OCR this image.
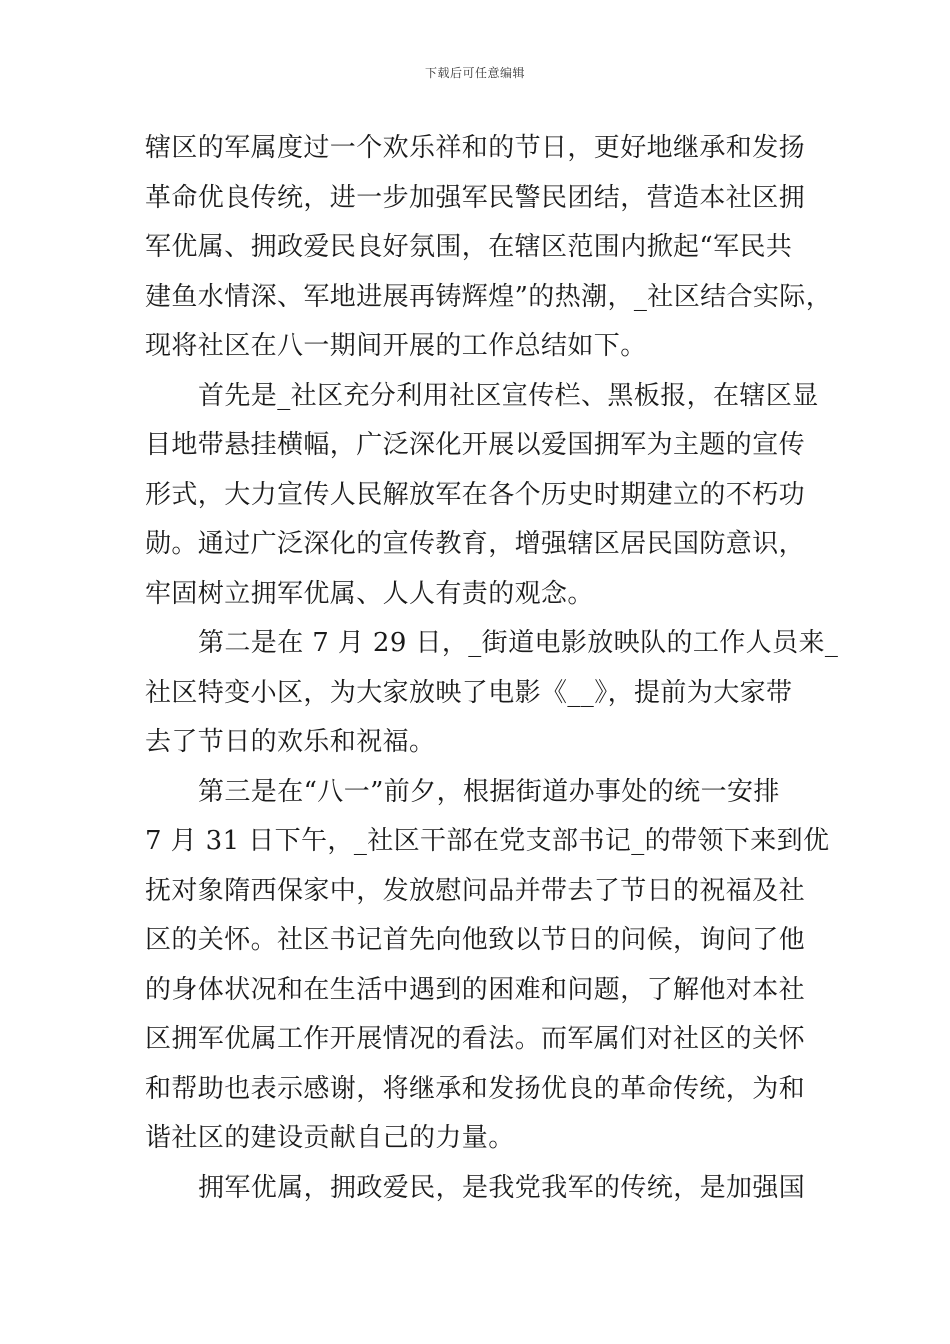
下载后可任意编辑
辖区的军属度过一个欢乐祥和的节日，更好地继承和发扬
革命优良传统，进一步加强军民警民团结，营造本社区拥
军优属、拥政爱民良好氛围，在辖区范围内掀起“军民共
建鱼水情深、军地进展再铸辉煌”的热潮，_社区结合实际，
现将社区在八一期间开展的工作总结如下。
首先是_社区充分利用社区宣传栏、黑板报，在辖区显
目地带悬挂横幅，广泛深化开展以爱国拥军为主题的宣传
形式，大力宣传人民解放军在各个历史时期建立的不朽功
勋。通过广泛深化的宣传教育，增强辖区居民国防意识，
牢固树立拥军优属、人人有责的观念。
第二是在 7 月 29 日，_街道电影放映队的工作人员来_
社区特变小区，为大家放映了电影《__》，提前为大家带
去了节日的欢乐和祝福。
第三是在“八一”前夕，根据街道办事处的统一安排
7 月 31 日下午，_社区干部在党支部书记_的带领下来到优
抚对象隋西保家中，发放慰问品并带去了节日的祝福及社
区的关怀。社区书记首先向他致以节日的问候，询问了他
的身体状况和在生活中遇到的困难和问题，了解他对本社
区拥军优属工作开展情况的看法。而军属们对社区的关怀
和帮助也表示感谢，将继承和发扬优良的革命传统，为和
谐社区的建设贡献自己的力量。
拥军优属，拥政爱民，是我党我军的传统，是加强国
